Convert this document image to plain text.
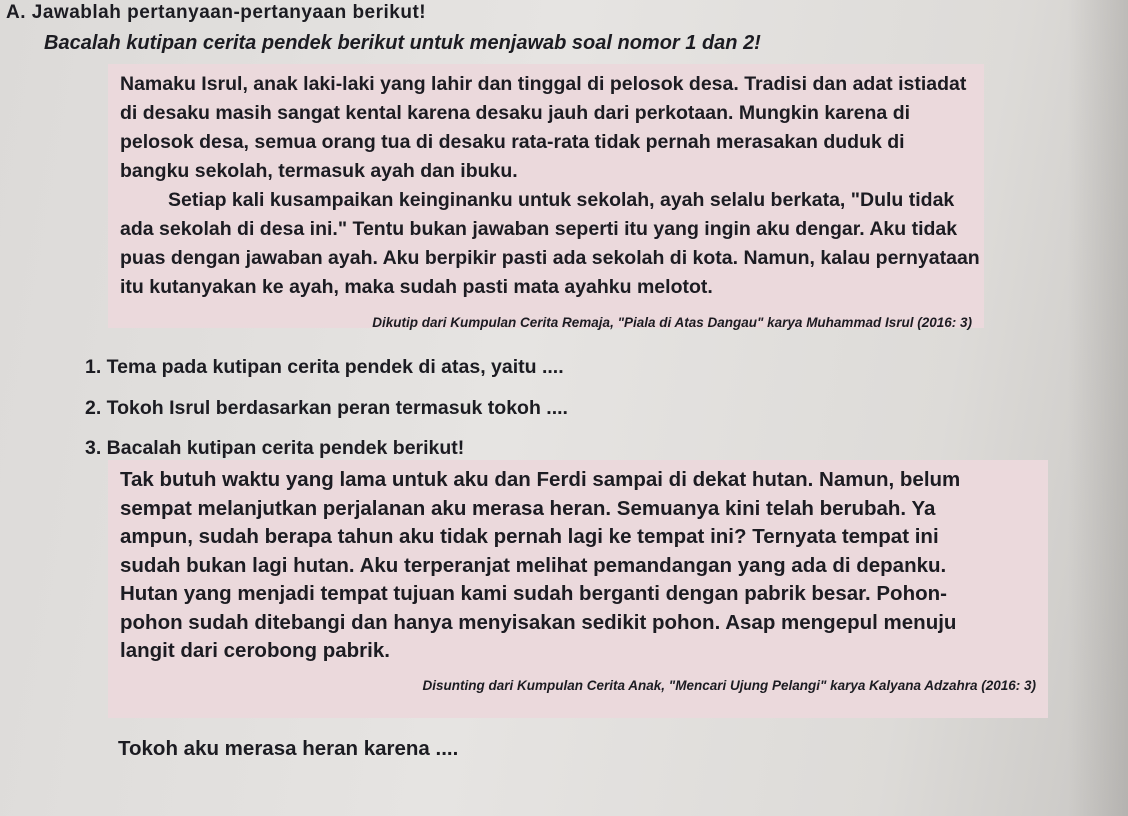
A. Jawablah pertanyaan-pertanyaan berikut!
Bacalah kutipan cerita pendek berikut untuk menjawab soal nomor 1 dan 2!

Namaku Isrul, anak laki-laki yang lahir dan tinggal di pelosok desa. Tradisi dan adat istiadat

di desaku masih sangat kental karena desaku jauh dari perkotaan. Mungkin karena di

pelosok desa, semua orang tua di desaku rata-rata tidak pernah merasakan duduk di

bangku sekolah, termasuk ayah dan ibuku.

Setiap kali kusampaikan keinginanku untuk sekolah, ayah selalu berkata, "Dulu tidak

ada sekolah di desa ini." Tentu bukan jawaban seperti itu yang ingin aku dengar. Aku tidak

puas dengan jawaban ayah. Aku berpikir pasti ada sekolah di kota. Namun, kalau pernyataan

itu kutanyakan ke ayah, maka sudah pasti mata ayahku melotot.

Dikutip dari Kumpulan Cerita Remaja, "Piala di Atas Dangau" karya Muhammad Isrul (2016: 3)
1. Tema pada kutipan cerita pendek di atas, yaitu ....
2. Tokoh Isrul berdasarkan peran termasuk tokoh ....
3. Bacalah kutipan cerita pendek berikut!

Tak butuh waktu yang lama untuk aku dan Ferdi sampai di dekat hutan. Namun, belum

sempat melanjutkan perjalanan aku merasa heran. Semuanya kini telah berubah. Ya

ampun, sudah berapa tahun aku tidak pernah lagi ke tempat ini? Ternyata tempat ini

sudah bukan lagi hutan. Aku terperanjat melihat pemandangan yang ada di depanku.

Hutan yang menjadi tempat tujuan kami sudah berganti dengan pabrik besar. Pohon-

pohon sudah ditebangi dan hanya menyisakan sedikit pohon. Asap mengepul menuju

langit dari cerobong pabrik.

Disunting dari Kumpulan Cerita Anak, "Mencari Ujung Pelangi" karya Kalyana Adzahra (2016: 3)
Tokoh aku merasa heran karena ....
